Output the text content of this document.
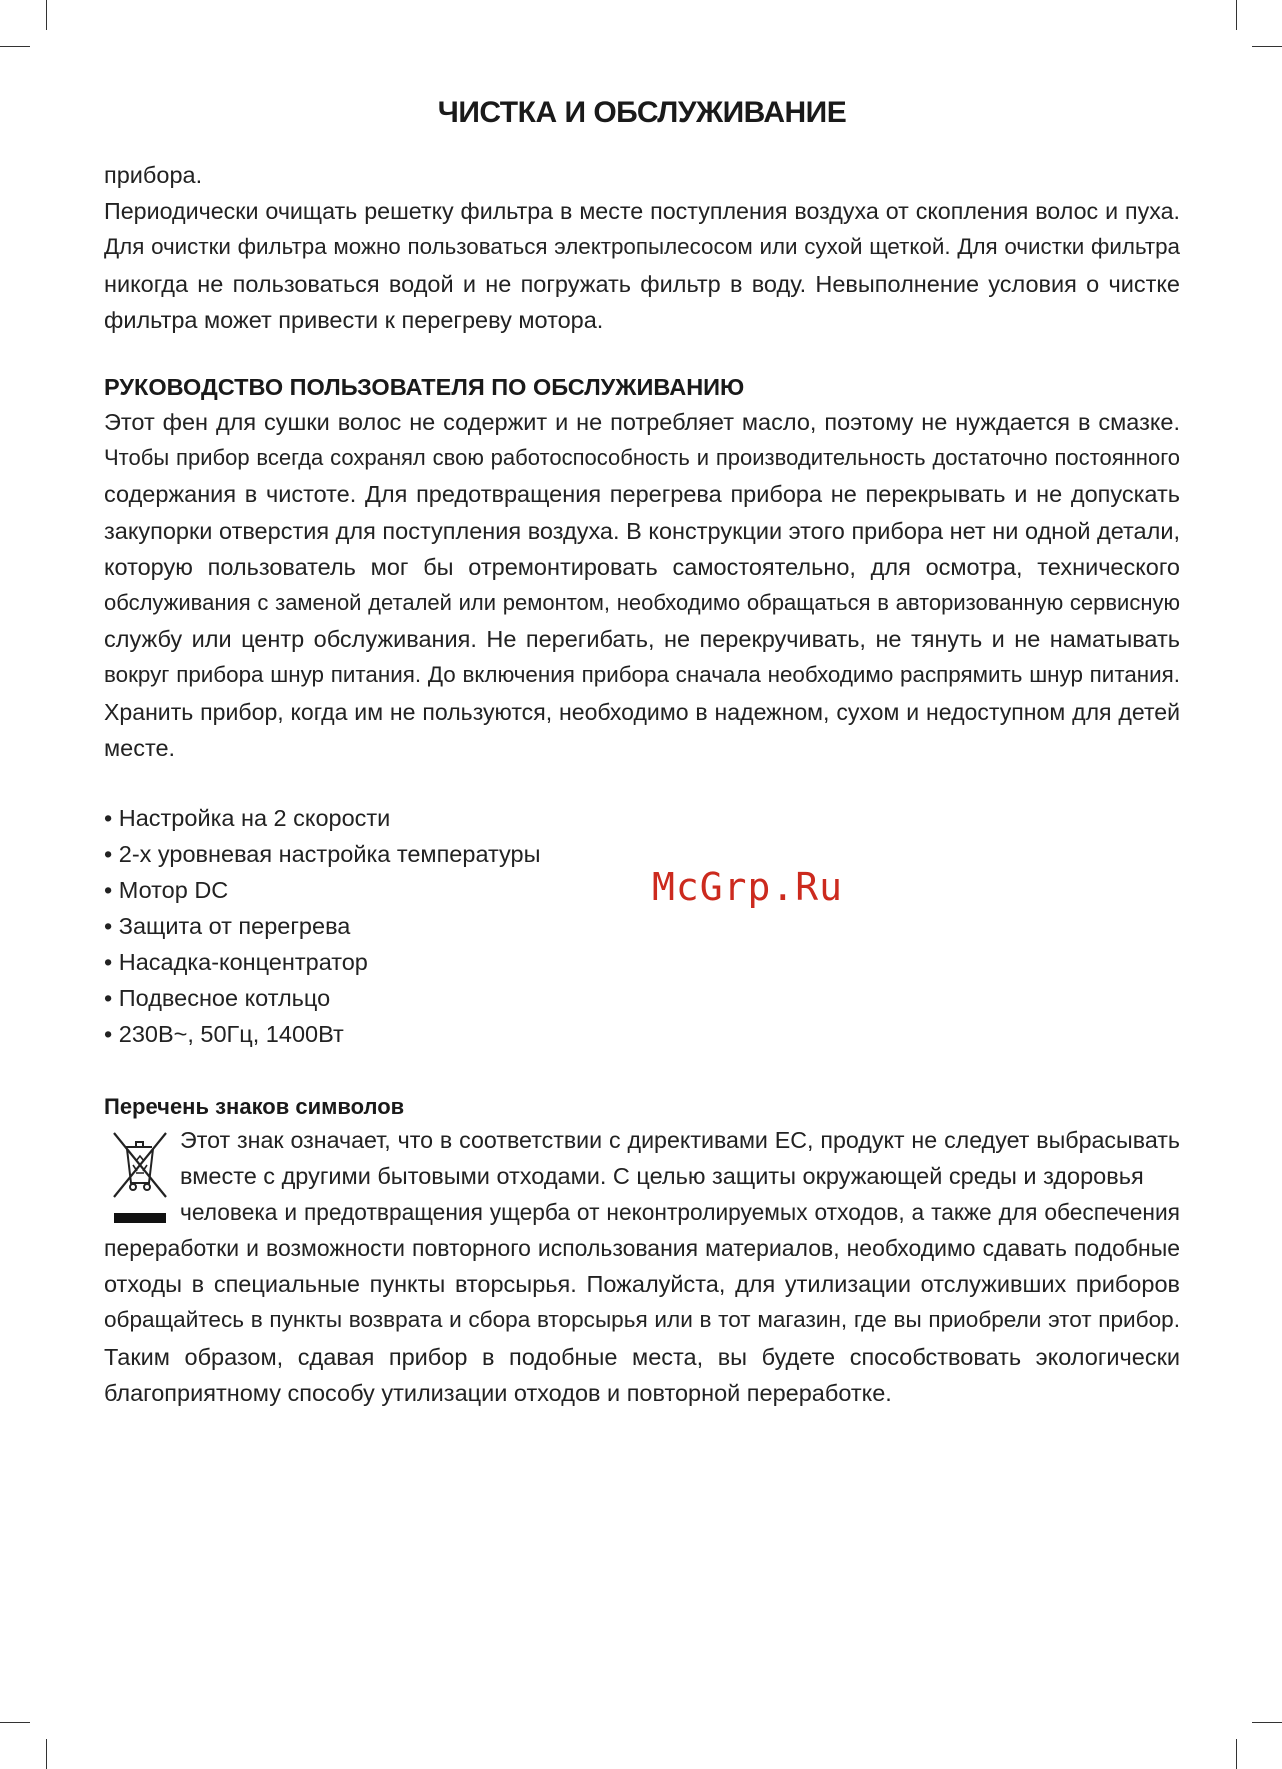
ЧИСТКА И ОБСЛУЖИВАНИЕ
прибора.
Периодически очищать решетку фильтра в месте поступления воздуха от скопления волос и пуха.
Для очистки фильтра можно пользоваться электропылесосом или сухой щеткой. Для очистки фильтра
никогда не пользоваться водой и не погружать фильтр в воду. Невыполнение условия о чистке
фильтра может привести к перегреву мотора.
РУКОВОДСТВО ПОЛЬЗОВАТЕЛЯ ПО ОБСЛУЖИВАНИЮ
Этот фен для сушки волос не содержит и не потребляет масло, поэтому не нуждается в смазке.
Чтобы прибор всегда сохранял свою работоспособность и производительность достаточно постоянного
содержания в чистоте. Для предотвращения перегрева прибора не перекрывать и не допускать
закупорки отверстия для поступления воздуха. В конструкции этого прибора нет ни одной детали,
которую пользователь мог бы отремонтировать самостоятельно, для осмотра, технического
обслуживания с заменой деталей или ремонтом, необходимо обращаться в авторизованную сервисную
службу или центр обслуживания. Не перегибать, не перекручивать, не тянуть и не наматывать
вокруг прибора шнур питания. До включения прибора сначала необходимо распрямить шнур питания.
Хранить прибор, когда им не пользуются, необходимо в надежном, сухом и недоступном для детей
месте.
• Настройка на 2 скорости
• 2-х уровневая настройка температуры
• Мотор DC
• Защита от перегрева
• Насадка-концентратор
• Подвесное котльцо
• 230В~, 50Гц, 1400Вт
McGrp.Ru
Перечень знаков символов
Этот знак означает, что в соответствии с директивами ЕС, продукт не следует выбрасывать
вместе с другими бытовыми отходами. С целью защиты окружающей среды и здоровья
человека и предотвращения ущерба от неконтролируемых отходов, а также для обеспечения
переработки и возможности повторного использования материалов, необходимо сдавать подобные
отходы в специальные пункты вторсырья. Пожалуйста, для утилизации отслуживших приборов
обращайтесь в пункты возврата и сбора вторсырья или в тот магазин, где вы приобрели этот прибор.
Таким образом, сдавая прибор в подобные места, вы будете способствовать экологически
благоприятному способу утилизации отходов и повторной переработке.
